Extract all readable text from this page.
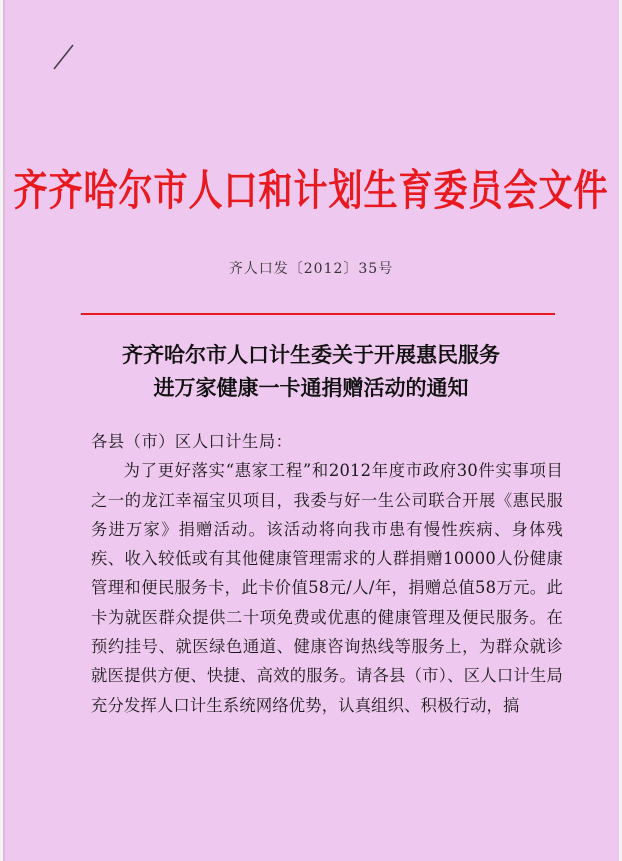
齐齐哈尔市人口和计划生育委员会文件

齐人口发〔2012〕35号

齐齐哈尔市人口计生委关于开展惠民服务
进万家健康一卡通捐赠活动的通知

各县（市）区人口计生局：

为了更好落实“惠家工程”和2012年度市政府30件实事项目之一的龙江幸福宝贝项目，我委与好一生公司联合开展《惠民服务进万家》捐赠活动。该活动将向我市患有慢性疾病、身体残疾、收入较低或有其他健康管理需求的人群捐赠10000人份健康管理和便民服务卡，此卡价值58元/人/年，捐赠总值58万元。此卡为就医群众提供二十项免费或优惠的健康管理及便民服务。在预约挂号、就医绿色通道、健康咨询热线等服务上，为群众就诊就医提供方便、快捷、高效的服务。请各县（市）、区人口计生局充分发挥人口计生系统网络优势，认真组织、积极行动，搞
